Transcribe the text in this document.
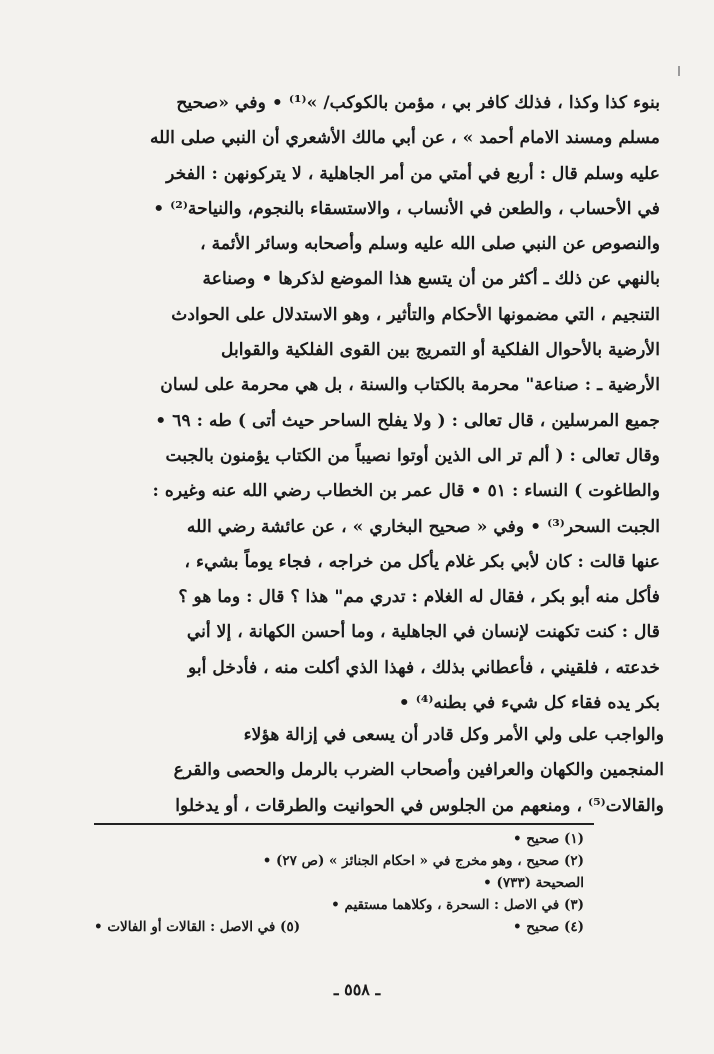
بنوء كذا وكذا ، فذلك كافر بي ، مؤمن بالكوكب/ »⁽¹⁾ • وفي «صحيح
مسلم ومسند الامام أحمد » ، عن أبي مالك الأشعري أن النبي صلى الله
عليه وسلم قال : أربع في أمتي من أمر الجاهلية ، لا يتركونهن : الفخر
في الأحساب ، والطعن في الأنساب ، والاستسقاء بالنجوم، والنياحة⁽²⁾ •
والنصوص عن النبي صلى الله عليه وسلم وأصحابه وسائر الأئمة ،
بالنهي عن ذلك ـ أكثر من أن يتسع هذا الموضع لذكرها • وصناعة
التنجيم ، التي مضمونها الأحكام والتأثير ، وهو الاستدلال على الحوادث
الأرضية بالأحوال الفلكية أو التمريج بين القوى الفلكية والقوابل
الأرضية ـ : صناعة" محرمة بالكتاب والسنة ، بل هي محرمة على لسان
جميع المرسلين ، قال تعالى : ( ولا يفلح الساحر حيث أتى ) طه : ٦٩ •
وقال تعالى : ( ألم تر الى الذين أوتوا نصيباً من الكتاب يؤمنون بالجبت
والطاغوت ) النساء : ٥١ • قال عمر بن الخطاب رضي الله عنه وغيره :
الجبت السحر⁽³⁾ • وفي « صحيح البخاري » ، عن عائشة رضي الله
عنها قالت : كان لأبي بكر غلام يأكل من خراجه ، فجاء يوماً بشيء ،
فأكل منه أبو بكر ، فقال له الغلام : تدري مم" هذا ؟ قال : وما هو ؟
قال : كنت تكهنت لإنسان في الجاهلية ، وما أحسن الكهانة ، إلا أني
خدعته ، فلقيني ، فأعطاني بذلك ، فهذا الذي أكلت منه ، فأدخل أبو
بكر يده فقاء كل شيء في بطنه⁽⁴⁾ •
والواجب على ولي الأمر وكل قادر أن يسعى في إزالة هؤلاء
المنجمين والكهان والعرافين وأصحاب الضرب بالرمل والحصى والقرع
والقالات⁽⁵⁾ ، ومنعهم من الجلوس في الحوانيت والطرقات ، أو يدخلوا
(١) صحيح •
(٢) صحيح ، وهو مخرج في « احكام الجنائز » (ص ٢٧) •
الصحيحة (٧٣٣) •
(٣) في الاصل : السحرة ، وكلاهما مستقيم •
(٤) صحيح •
(٥) في الاصل : القالات أو الفالات •
ـ ٥٥٨ ـ
